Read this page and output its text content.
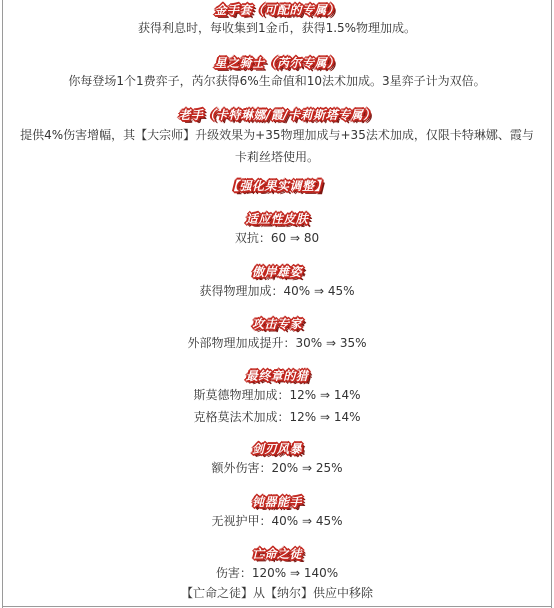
金手套（可配的专属）
获得利息时，每收集到1金币，获得1.5%物理加成。
星之骑士（芮尔专属）
你每登场1个1费弈子，芮尔获得6%生命值和10法术加成。3星弈子计为双倍。
老手（卡特琳娜/霞/卡莉斯塔专属）
提供4%伤害增幅，其【大宗师】升级效果为+35物理加成与+35法术加成，仅限卡特琳娜、霞与卡莉丝塔使用。
【强化果实调整】
适应性皮肤
双抗：60 ⇒ 80
傲岸雄姿
获得物理加成：40% ⇒ 45%
攻击专家
外部物理加成提升：30% ⇒ 35%
最终章的猎
斯莫德物理加成：12% ⇒ 14%
克格莫法术加成：12% ⇒ 14%
剑刃风暴
额外伤害：20% ⇒ 25%
钝器能手
无视护甲：40% ⇒ 45%
亡命之徒
伤害：120% ⇒ 140%
【亡命之徒】从【纳尔】供应中移除
